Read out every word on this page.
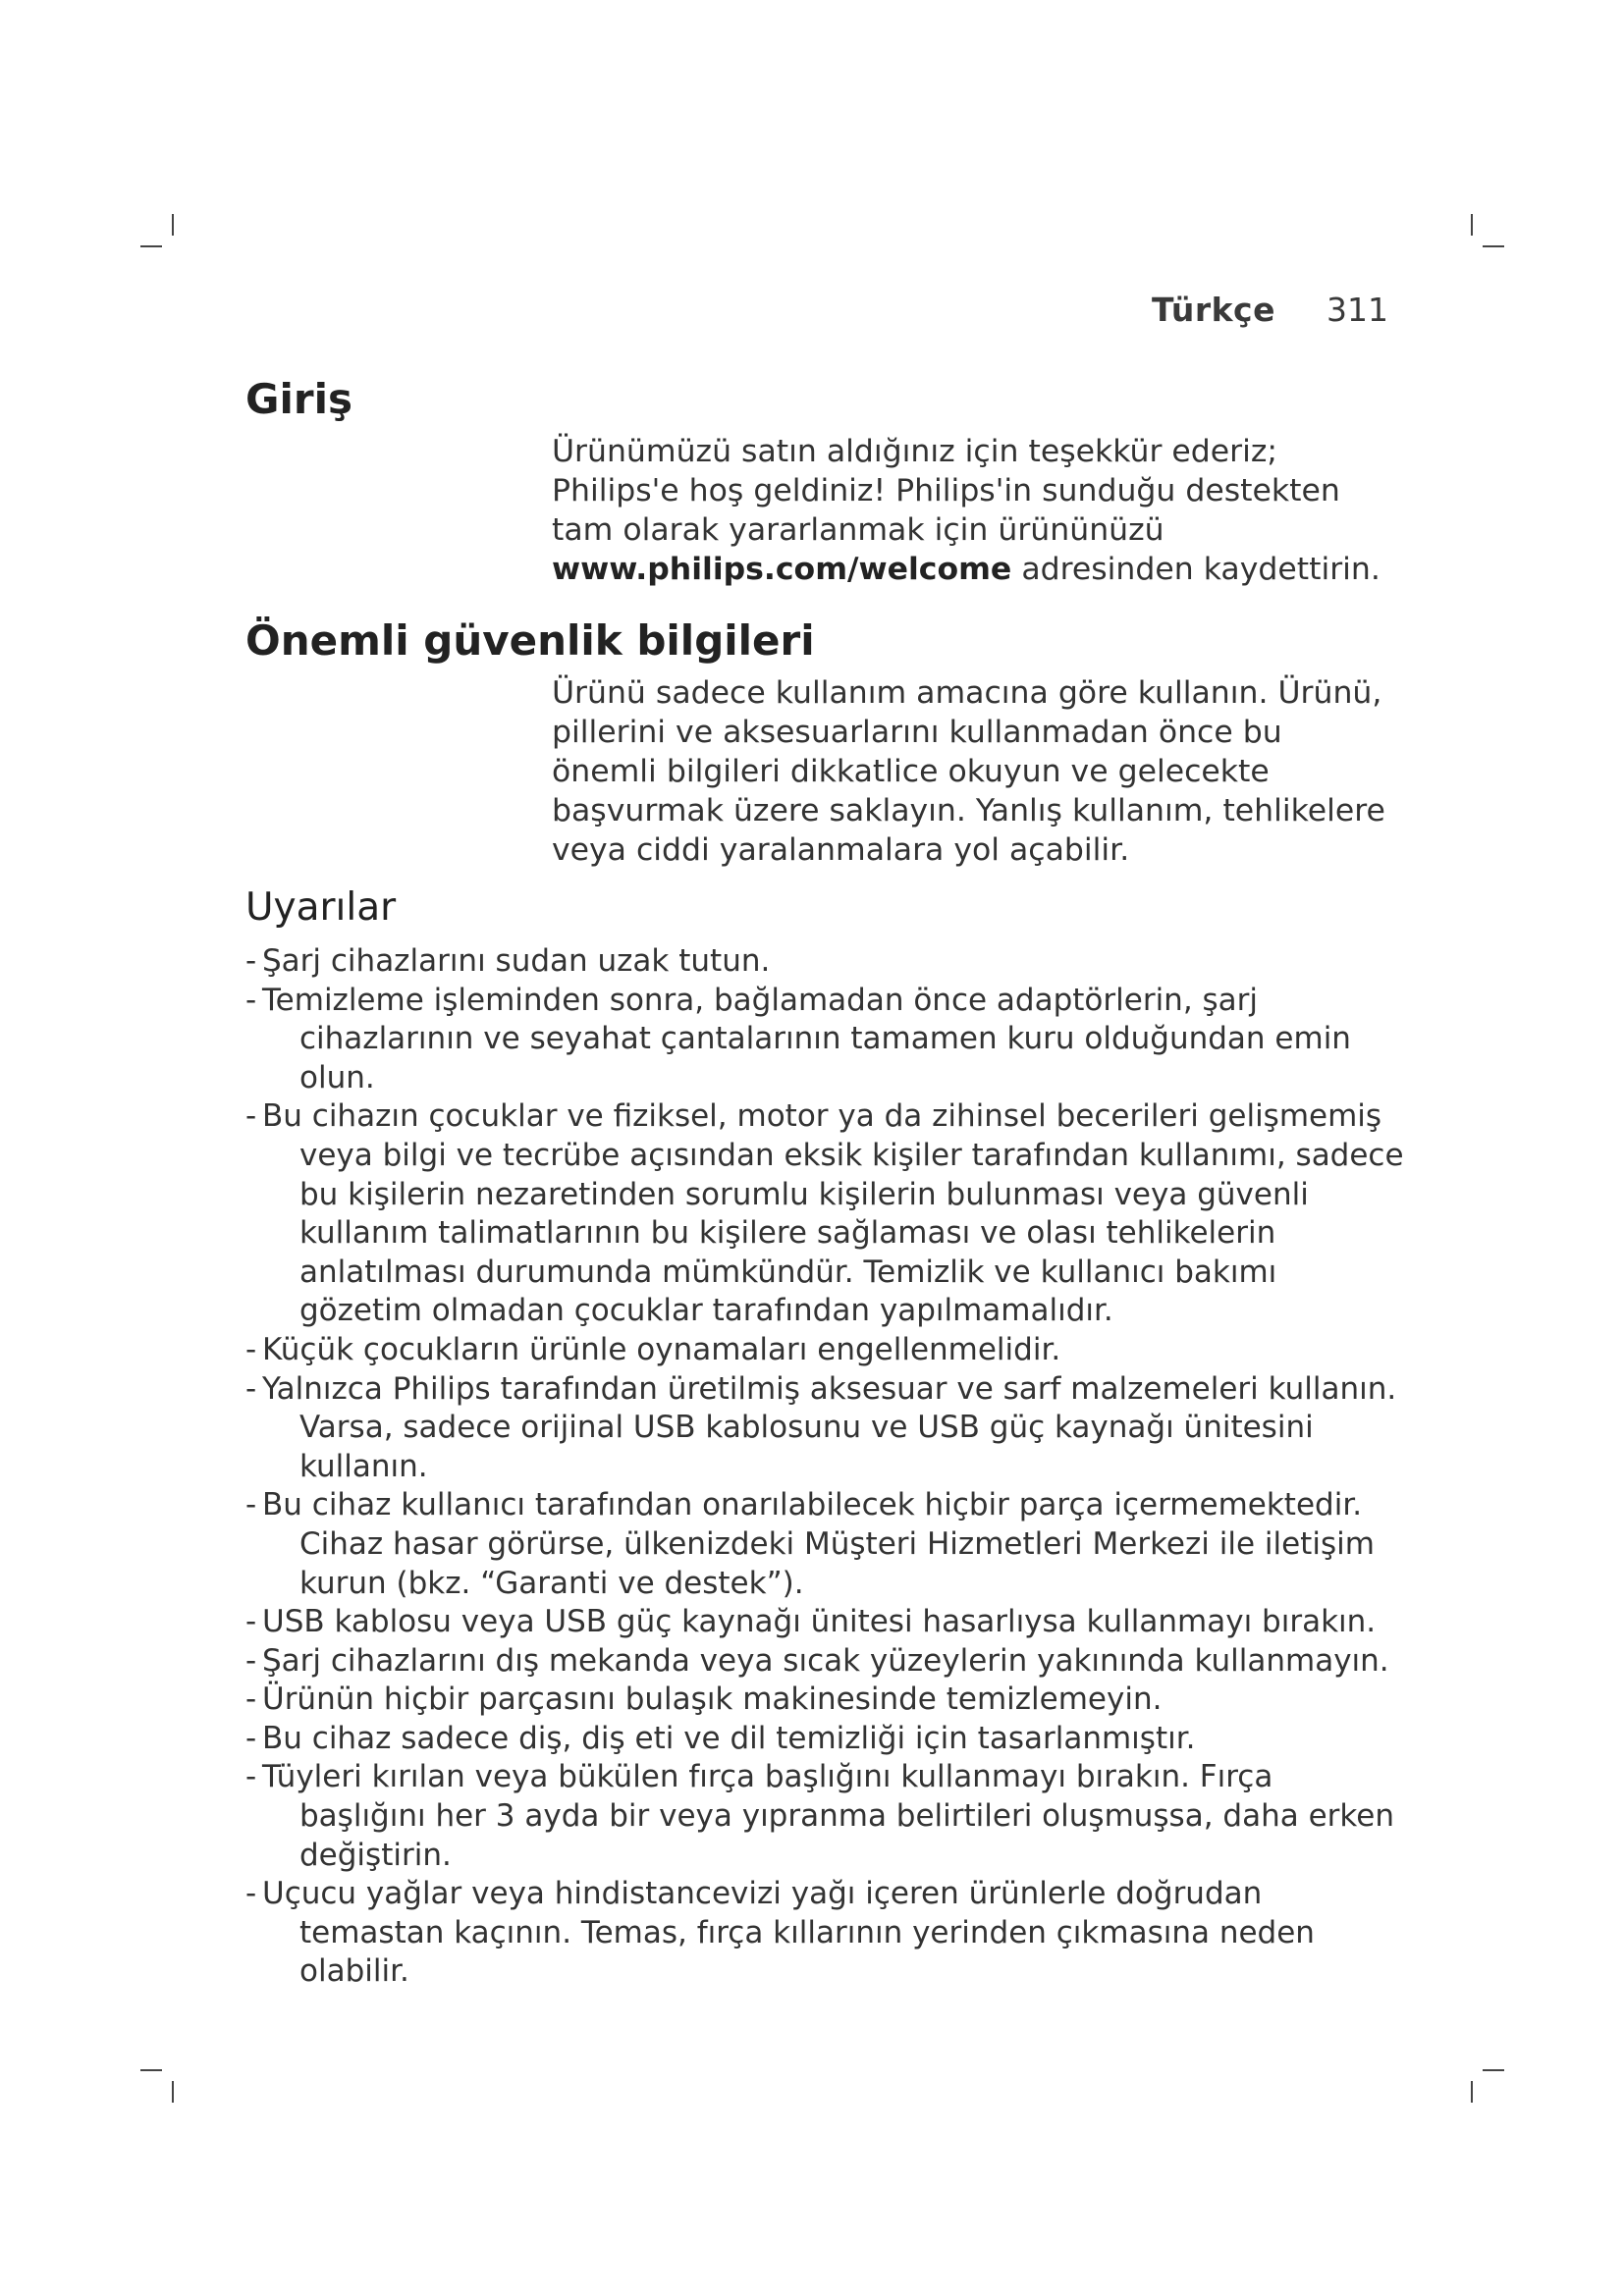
Türkçe 311
Giriş

Ürünümüzü satın aldığınız için teşekkür ederiz; Philips'e hoş geldiniz! Philips'in sunduğu destekten tam olarak yararlanmak için ürününüzü www.philips.com/welcome adresinden kaydettirin.

Önemli güvenlik bilgileri

Ürünü sadece kullanım amacına göre kullanın. Ürünü, pillerini ve aksesuarlarını kullanmadan önce bu önemli bilgileri dikkatlice okuyun ve gelecekte başvurmak üzere saklayın. Yanlış kullanım, tehlikelere veya ciddi yaralanmalara yol açabilir.

Uyarılar
- Şarj cihazlarını sudan uzak tutun.
- Temizleme işleminden sonra, bağlamadan önce adaptörlerin, şarj cihazlarının ve seyahat çantalarının tamamen kuru olduğundan emin olun.
- Bu cihazın çocuklar ve fiziksel, motor ya da zihinsel becerileri gelişmemiş veya bilgi ve tecrübe açısından eksik kişiler tarafından kullanımı, sadece bu kişilerin nezaretinden sorumlu kişilerin bulunması veya güvenli kullanım talimatlarının bu kişilere sağlaması ve olası tehlikelerin anlatılması durumunda mümkündür. Temizlik ve kullanıcı bakımı gözetim olmadan çocuklar tarafından yapılmamalıdır.
- Küçük çocukların ürünle oynamaları engellenmelidir.
- Yalnızca Philips tarafından üretilmiş aksesuar ve sarf malzemeleri kullanın. Varsa, sadece orijinal USB kablosunu ve USB güç kaynağı ünitesini kullanın.
- Bu cihaz kullanıcı tarafından onarılabilecek hiçbir parça içermemektedir. Cihaz hasar görürse, ülkenizdeki Müşteri Hizmetleri Merkezi ile iletişim kurun (bkz. “Garanti ve destek”).
- USB kablosu veya USB güç kaynağı ünitesi hasarlıysa kullanmayı bırakın.
- Şarj cihazlarını dış mekanda veya sıcak yüzeylerin yakınında kullanmayın.
- Ürünün hiçbir parçasını bulaşık makinesinde temizlemeyin.
- Bu cihaz sadece diş, diş eti ve dil temizliği için tasarlanmıştır.
- Tüyleri kırılan veya bükülen fırça başlığını kullanmayı bırakın. Fırça başlığını her 3 ayda bir veya yıpranma belirtileri oluşmuşsa, daha erken değiştirin.
- Uçucu yağlar veya hindistancevizi yağı içeren ürünlerle doğrudan temastan kaçının. Temas, fırça kıllarının yerinden çıkmasına neden olabilir.
